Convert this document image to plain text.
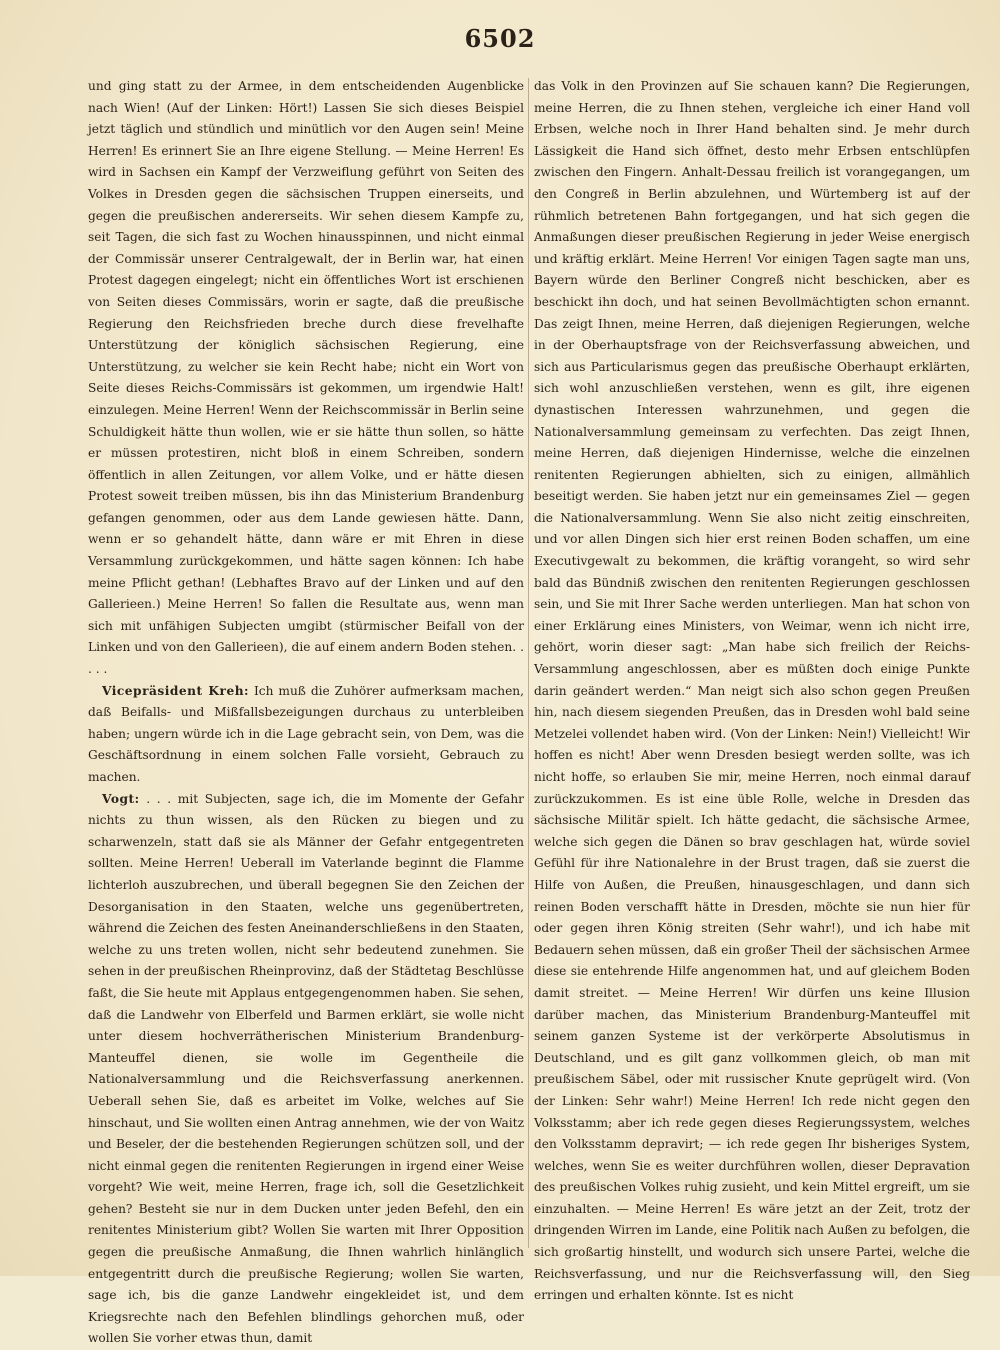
6502

und ging statt zu der Armee, in dem entscheidenden Augenblicke nach Wien! (Auf der Linken: Hört!) Lassen Sie sich dieses Beispiel jetzt täglich und stündlich und minütlich vor den Augen sein! Meine Herren! Es erinnert Sie an Ihre eigene Stellung. — Meine Herren! Es wird in Sachsen ein Kampf der Verzweiflung geführt von Seiten des Volkes in Dresden gegen die sächsischen Truppen einerseits, und gegen die preußischen andererseits. Wir sehen diesem Kampfe zu, seit Tagen, die sich fast zu Wochen hinausspinnen, und nicht einmal der Commissär unserer Centralgewalt, der in Berlin war, hat einen Protest dagegen eingelegt; nicht ein öffentliches Wort ist erschienen von Seiten dieses Commissärs, worin er sagte, daß die preußische Regierung den Reichsfrieden breche durch diese frevelhafte Unterstützung der königlich sächsischen Regierung, eine Unterstützung, zu welcher sie kein Recht habe; nicht ein Wort von Seite dieses Reichs-Commissärs ist gekommen, um irgendwie Halt! einzulegen. Meine Herren! Wenn der Reichscommissär in Berlin seine Schuldigkeit hätte thun wollen, wie er sie hätte thun sollen, so hätte er müssen protestiren, nicht bloß in einem Schreiben, sondern öffentlich in allen Zeitungen, vor allem Volke, und er hätte diesen Protest soweit treiben müssen, bis ihn das Ministerium Brandenburg gefangen genommen, oder aus dem Lande gewiesen hätte. Dann, wenn er so gehandelt hätte, dann wäre er mit Ehren in diese Versammlung zurückgekommen, und hätte sagen können: Ich habe meine Pflicht gethan! (Lebhaftes Bravo auf der Linken und auf den Gallerieen.) Meine Herren! So fallen die Resultate aus, wenn man sich mit unfähigen Subjecten umgibt (stürmischer Beifall von der Linken und von den Gallerieen), die auf einem andern Boden stehen. . . . .

Vicepräsident Kreh: Ich muß die Zuhörer aufmerksam machen, daß Beifalls- und Mißfallsbezeigungen durchaus zu unterbleiben haben; ungern würde ich in die Lage gebracht sein, von Dem, was die Geschäftsordnung in einem solchen Falle vorsieht, Gebrauch zu machen.

Vogt: . . . mit Subjecten, sage ich, die im Momente der Gefahr nichts zu thun wissen, als den Rücken zu biegen und zu scharwenzeln, statt daß sie als Männer der Gefahr entgegentreten sollten. Meine Herren! Ueberall im Vaterlande beginnt die Flamme lichterloh auszubrechen, und überall begegnen Sie den Zeichen der Desorganisation in den Staaten, welche uns gegenübertreten, während die Zeichen des festen Aneinanderschließens in den Staaten, welche zu uns treten wollen, nicht sehr bedeutend zunehmen. Sie sehen in der preußischen Rheinprovinz, daß der Städtetag Beschlüsse faßt, die Sie heute mit Applaus entgegengenommen haben. Sie sehen, daß die Landwehr von Elberfeld und Barmen erklärt, sie wolle nicht unter diesem hochverrätherischen Ministerium Brandenburg-Manteuffel dienen, sie wolle im Gegentheile die Nationalversammlung und die Reichsverfassung anerkennen. Ueberall sehen Sie, daß es arbeitet im Volke, welches auf Sie hinschaut, und Sie wollten einen Antrag annehmen, wie der von Waitz und Beseler, der die bestehenden Regierungen schützen soll, und der nicht einmal gegen die renitenten Regierungen in irgend einer Weise vorgeht? Wie weit, meine Herren, frage ich, soll die Gesetzlichkeit gehen? Besteht sie nur in dem Ducken unter jeden Befehl, den ein renitentes Ministerium gibt? Wollen Sie warten mit Ihrer Opposition gegen die preußische Anmaßung, die Ihnen wahrlich hinlänglich entgegentritt durch die preußische Regierung; wollen Sie warten, sage ich, bis die ganze Landwehr eingekleidet ist, und dem Kriegsrechte nach den Befehlen blindlings gehorchen muß, oder wollen Sie vorher etwas thun, damit

das Volk in den Provinzen auf Sie schauen kann? Die Regierungen, meine Herren, die zu Ihnen stehen, vergleiche ich einer Hand voll Erbsen, welche noch in Ihrer Hand behalten sind. Je mehr durch Lässigkeit die Hand sich öffnet, desto mehr Erbsen entschlüpfen zwischen den Fingern. Anhalt-Dessau freilich ist vorangegangen, um den Congreß in Berlin abzulehnen, und Würtemberg ist auf der rühmlich betretenen Bahn fortgegangen, und hat sich gegen die Anmaßungen dieser preußischen Regierung in jeder Weise energisch und kräftig erklärt. Meine Herren! Vor einigen Tagen sagte man uns, Bayern würde den Berliner Congreß nicht beschicken, aber es beschickt ihn doch, und hat seinen Bevollmächtigten schon ernannt. Das zeigt Ihnen, meine Herren, daß diejenigen Regierungen, welche in der Oberhauptsfrage von der Reichsverfassung abweichen, und sich aus Particularismus gegen das preußische Oberhaupt erklärten, sich wohl anzuschließen verstehen, wenn es gilt, ihre eigenen dynastischen Interessen wahrzunehmen, und gegen die Nationalversammlung gemeinsam zu verfechten. Das zeigt Ihnen, meine Herren, daß diejenigen Hindernisse, welche die einzelnen renitenten Regierungen abhielten, sich zu einigen, allmählich beseitigt werden. Sie haben jetzt nur ein gemeinsames Ziel — gegen die Nationalversammlung. Wenn Sie also nicht zeitig einschreiten, und vor allen Dingen sich hier erst reinen Boden schaffen, um eine Executivgewalt zu bekommen, die kräftig vorangeht, so wird sehr bald das Bündniß zwischen den renitenten Regierungen geschlossen sein, und Sie mit Ihrer Sache werden unterliegen. Man hat schon von einer Erklärung eines Ministers, von Weimar, wenn ich nicht irre, gehört, worin dieser sagt: „Man habe sich freilich der Reichs-Versammlung angeschlossen, aber es müßten doch einige Punkte darin geändert werden.“ Man neigt sich also schon gegen Preußen hin, nach diesem siegenden Preußen, das in Dresden wohl bald seine Metzelei vollendet haben wird. (Von der Linken: Nein!) Vielleicht! Wir hoffen es nicht! Aber wenn Dresden besiegt werden sollte, was ich nicht hoffe, so erlauben Sie mir, meine Herren, noch einmal darauf zurückzukommen. Es ist eine üble Rolle, welche in Dresden das sächsische Militär spielt. Ich hätte gedacht, die sächsische Armee, welche sich gegen die Dänen so brav geschlagen hat, würde soviel Gefühl für ihre Nationalehre in der Brust tragen, daß sie zuerst die Hilfe von Außen, die Preußen, hinausgeschlagen, und dann sich reinen Boden verschafft hätte in Dresden, möchte sie nun hier für oder gegen ihren König streiten (Sehr wahr!), und ich habe mit Bedauern sehen müssen, daß ein großer Theil der sächsischen Armee diese sie entehrende Hilfe angenommen hat, und auf gleichem Boden damit streitet. — Meine Herren! Wir dürfen uns keine Illusion darüber machen, das Ministerium Brandenburg-Manteuffel mit seinem ganzen Systeme ist der verkörperte Absolutismus in Deutschland, und es gilt ganz vollkommen gleich, ob man mit preußischem Säbel, oder mit russischer Knute geprügelt wird. (Von der Linken: Sehr wahr!) Meine Herren! Ich rede nicht gegen den Volksstamm; aber ich rede gegen dieses Regierungssystem, welches den Volksstamm depravirt; — ich rede gegen Ihr bisheriges System, welches, wenn Sie es weiter durchführen wollen, dieser Depravation des preußischen Volkes ruhig zusieht, und kein Mittel ergreift, um sie einzuhalten. — Meine Herren! Es wäre jetzt an der Zeit, trotz der dringenden Wirren im Lande, eine Politik nach Außen zu befolgen, die sich großartig hinstellt, und wodurch sich unsere Partei, welche die Reichsverfassung, und nur die Reichsverfassung will, den Sieg erringen und erhalten könnte. Ist es nicht
